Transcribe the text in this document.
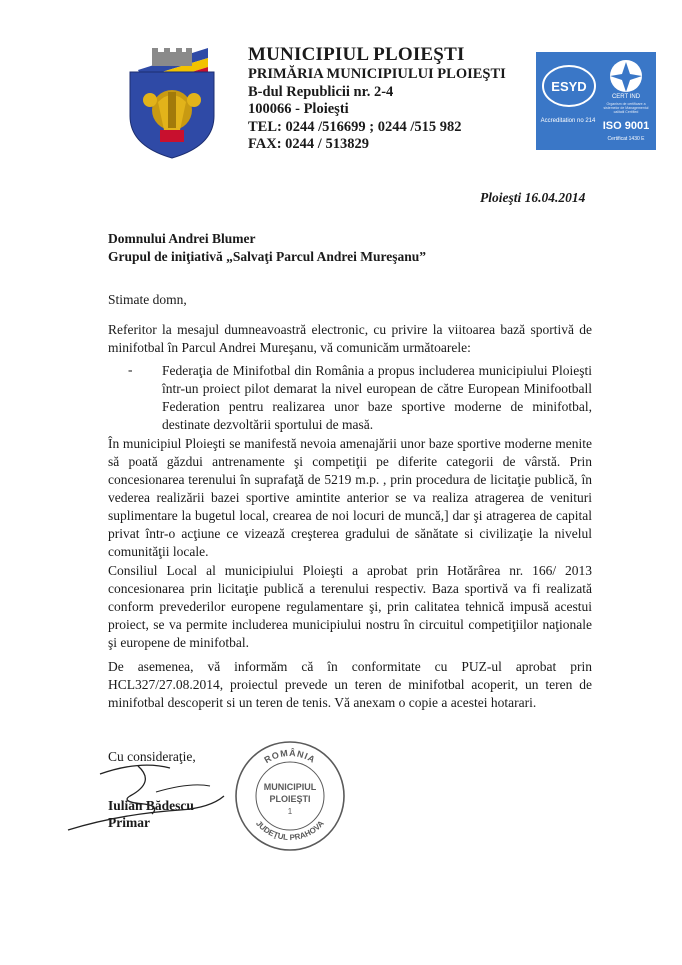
MUNICIPIUL PLOIEŞTI
PRIMĂRIA MUNICIPIULUI PLOIEŞTI
B-dul Republicii nr. 2-4
100066 - Ploieşti
TEL: 0244 /516699 ; 0244 /515 982
FAX: 0244 / 513829
ESYD
Accreditation no 214
CERT IND
Organism de certificare a sistemelor de Managementul calitatii Certified
ISO 9001
Certificat 1430 E
Ploieşti 16.04.2014
Domnului Andrei Blumer
Grupul de iniţiativă „Salvaţi Parcul Andrei Mureşanu”
Stimate domn,
Referitor la mesajul dumneavoastră electronic, cu privire la viitoarea bază sportivă de minifotbal în Parcul Andrei Mureşanu, vă comunicăm următoarele:
- Federaţia de Minifotbal din România a propus includerea municipiului Ploieşti într-un proiect pilot demarat la nivel european de către European Minifootball Federation pentru realizarea unor baze sportive moderne de minifotbal, destinate dezvoltării sportului de masă.
În municipiul Ploieşti se manifestă nevoia amenajării unor baze sportive moderne menite să poată găzdui antrenamente şi competiţii pe diferite categorii de vârstă. Prin concesionarea terenului în suprafaţă de 5219 m.p. , prin procedura de licitaţie publică, în vederea realizării bazei sportive amintite anterior se va realiza atragerea de venituri suplimentare la bugetul local, crearea de noi locuri de muncă,] dar şi atragerea de capital privat într-o acţiune ce vizează creşterea gradului de sănătate si civilizaţie la nivelul comunităţii locale.
Consiliul Local al municipiului Ploieşti a aprobat prin Hotărârea nr. 166/ 2013 concesionarea prin licitaţie publică a terenului respectiv. Baza sportivă va fi realizată conform prevederilor europene regulamentare şi, prin calitatea tehnică impusă acestui proiect, se va permite includerea municipiului nostru în circuitul competiţiilor naţionale şi europene de minifotbal.
De asemenea, vă informăm că în conformitate cu PUZ-ul aprobat prin HCL327/27.08.2014, proiectul prevede un teren de minifotbal acoperit, un teren de minifotbal descoperit si un teren de tenis. Vă anexam o copie a acestei hotarari.
Cu consideraţie,
Iulian Bădescu
Primar
ROMÂNIA
MUNICIPIUL
PLOIEŞTI
1
JUDEŢUL PRAHOVA
